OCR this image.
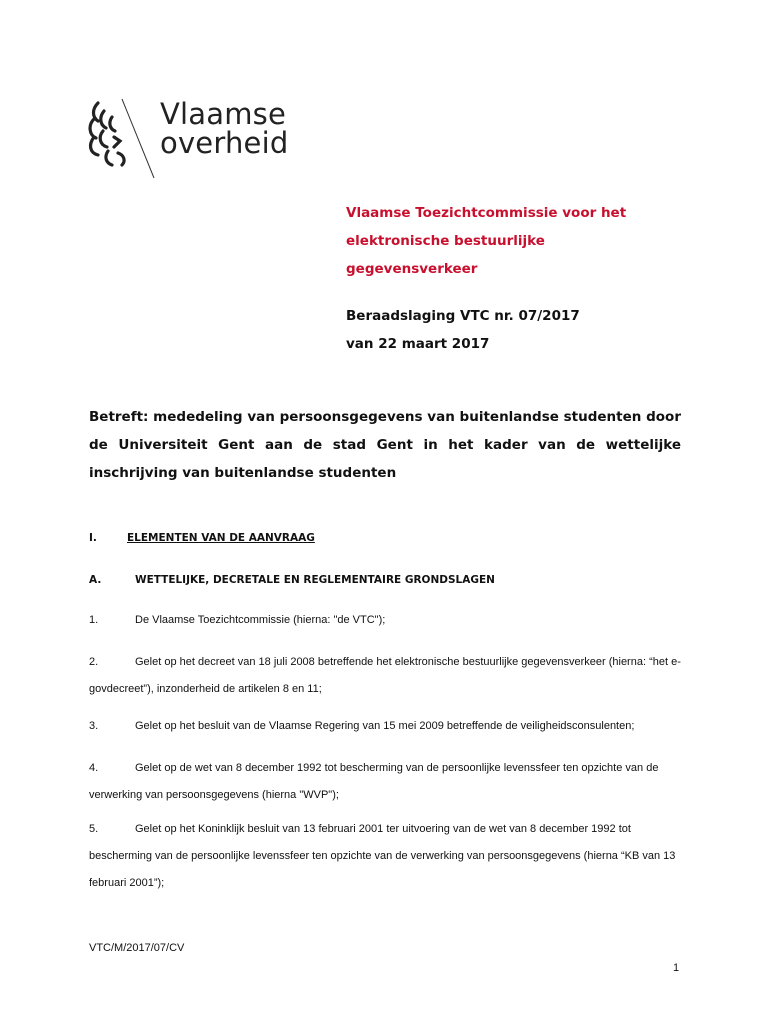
Vlaamse
overheid
Vlaamse Toezichtcommissie voor het
elektronische bestuurlijke
gegevensverkeer
Beraadslaging VTC nr. 07/2017
van 22 maart 2017
Betreft: mededeling van persoonsgegevens van buitenlandse studenten door de Universiteit Gent aan de stad Gent in het kader van de wettelijke inschrijving van buitenlandse studenten
I.	ELEMENTEN VAN DE AANVRAAG
A.	WETTELIJKE, DECRETALE EN REGLEMENTAIRE GRONDSLAGEN
1.	De Vlaamse Toezichtcommissie (hierna: "de VTC");
2.	Gelet op het decreet van 18 juli 2008 betreffende het elektronische bestuurlijke gegevensverkeer (hierna: “het e-govdecreet”), inzonderheid de artikelen 8 en 11;
3.	Gelet op het besluit van de Vlaamse Regering van 15 mei 2009 betreffende de veiligheidsconsulenten;
4.	Gelet op de wet van 8 december 1992 tot bescherming van de persoonlijke levenssfeer ten opzichte van de verwerking van persoonsgegevens (hierna "WVP");
5.	Gelet op het Koninklijk besluit van 13 februari 2001 ter uitvoering van de wet van 8 december 1992 tot bescherming van de persoonlijke levenssfeer ten opzichte van de verwerking van persoonsgegevens (hierna “KB van 13 februari 2001”);
VTC/M/2017/07/CV
1
